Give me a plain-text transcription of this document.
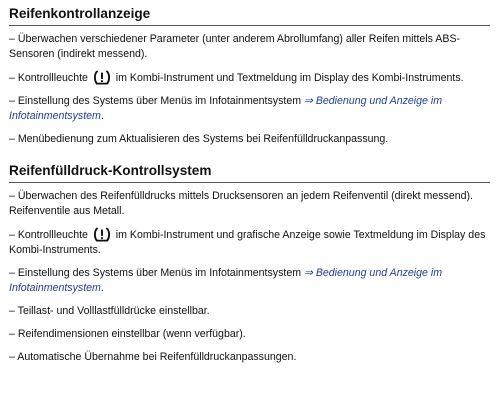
Reifenkontrollanzeige

– Überwachen verschiedener Parameter (unter anderem Abrollumfang) aller Reifen mittels ABS-Sensoren (indirekt messend).

– Kontrollleuchte
im Kombi-Instrument und Textmeldung im Display des Kombi-Instruments.

– Einstellung des Systems über Menüs im Infotainmentsystem ⇒ Bedienung und Anzeige im Infotainmentsystem.

– Menübedienung zum Aktualisieren des Systems bei Reifenfülldruckanpassung.

Reifenfülldruck-Kontrollsystem

– Überwachen des Reifenfülldrucks mittels Drucksensoren an jedem Reifenventil (direkt messend). Reifenventile aus Metall.

– Kontrollleuchte
im Kombi-Instrument und grafische Anzeige sowie Textmeldung im Display des Kombi-Instruments.

– Einstellung des Systems über Menüs im Infotainmentsystem ⇒ Bedienung und Anzeige im Infotainmentsystem.

– Teillast- und Volllastfülldrücke einstellbar.

– Reifendimensionen einstellbar (wenn verfügbar).

– Automatische Übernahme bei Reifenfülldruckanpassungen.
